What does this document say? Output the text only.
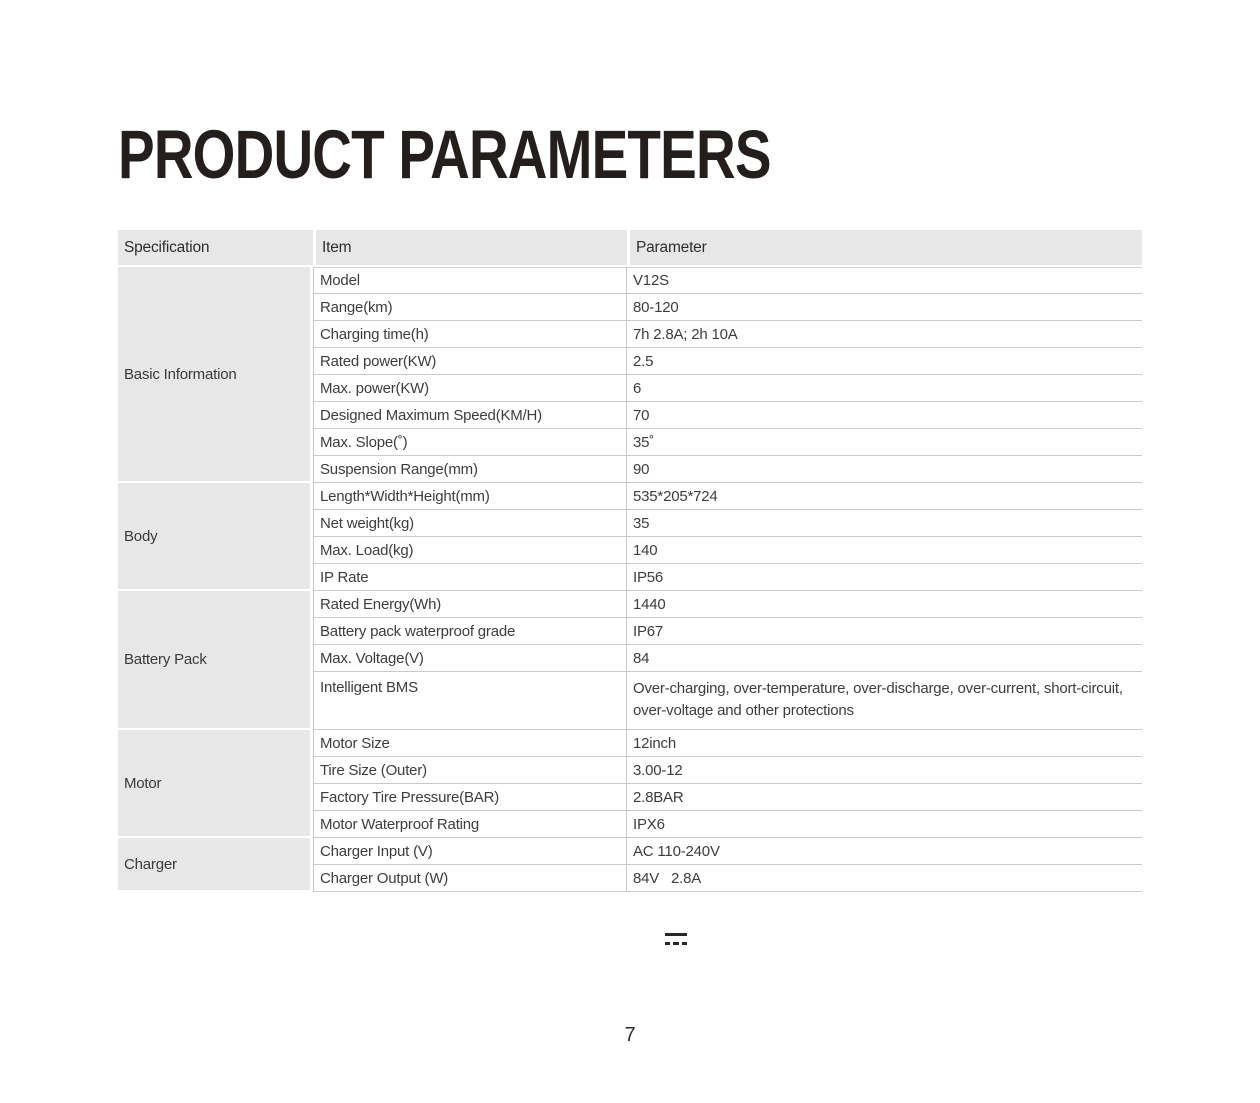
PRODUCT PARAMETERS
Specification	Item	Parameter
Basic Information	Model	V12S
	Range(km)	80-120
	Charging time(h)	7h 2.8A; 2h 10A
	Rated power(KW)	2.5
	Max. power(KW)	6
	Designed Maximum Speed(KM/H)	70
	Max. Slope(˚)	35˚
	Suspension Range(mm)	90
Body	Length*Width*Height(mm)	535*205*724
	Net weight(kg)	35
	Max. Load(kg)	140
	IP Rate	IP56
Battery Pack	Rated Energy(Wh)	1440
	Battery pack waterproof grade	IP67
	Max. Voltage(V)	84
	Intelligent BMS	Over-charging, over-temperature, over-discharge, over-current, short-circuit, over-voltage and other protections
Motor	Motor Size	12inch
	Tire Size (Outer)	3.00-12
	Factory Tire Pressure(BAR)	2.8BAR
	Motor Waterproof Rating	IPX6
Charger	Charger Input (V)	AC 110-240V
	Charger Output (W)	84V   2.8A
7
